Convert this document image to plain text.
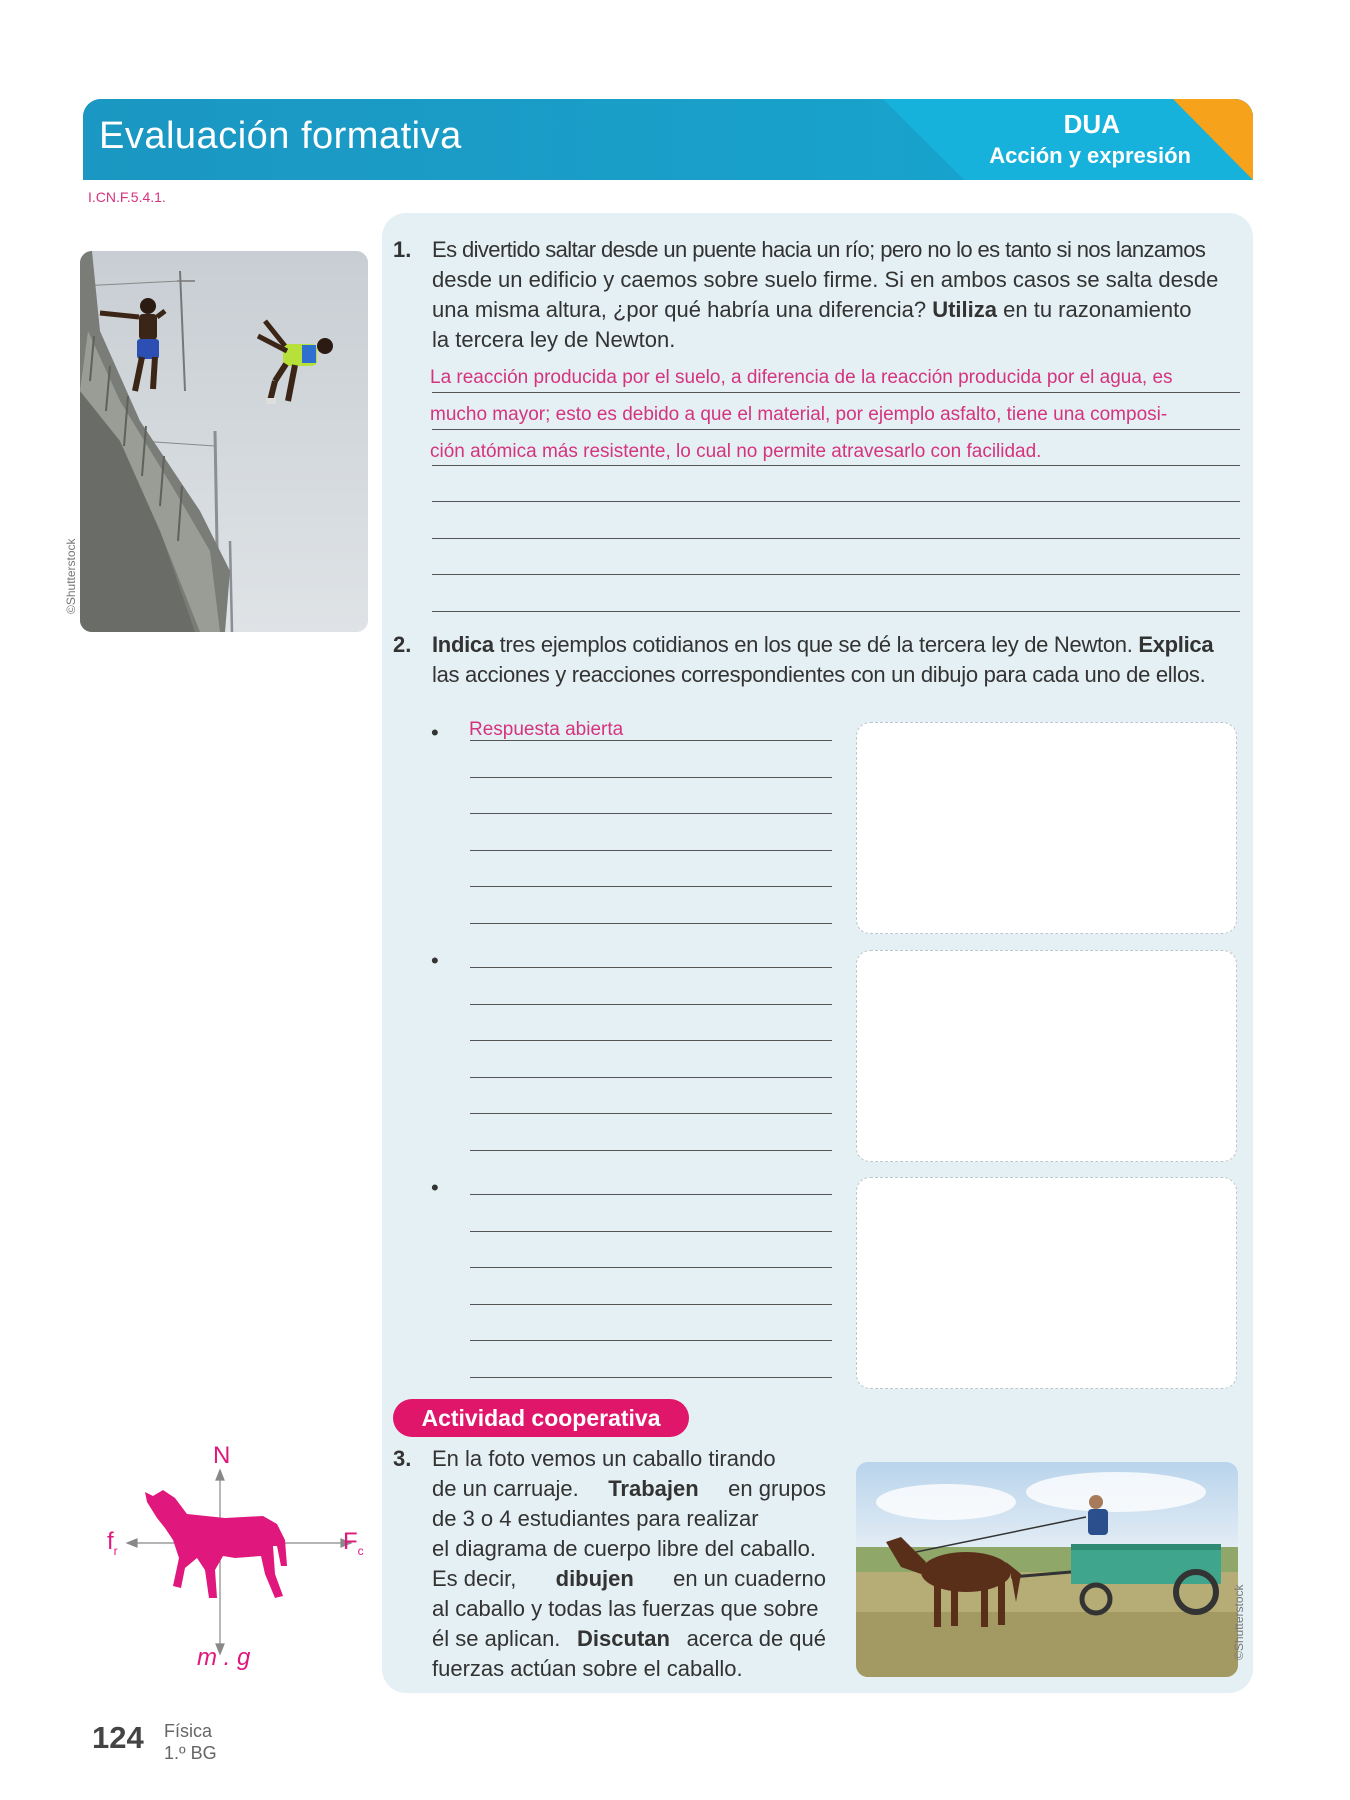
Evaluación formativa	DUA
Acción y expresión
I.CN.F.5.4.1.
©Shutterstock
1. Es divertido saltar desde un puente hacia un río; pero no lo es tanto si nos lanzamos
desde un edificio y caemos sobre suelo firme. Si en ambos casos se salta desde
una misma altura, ¿por qué habría una diferencia? Utiliza en tu razonamiento
la tercera ley de Newton.
La reacción producida por el suelo, a diferencia de la reacción producida por el agua, es
mucho mayor; esto es debido a que el material, por ejemplo asfalto, tiene una composi-
ción atómica más resistente, lo cual no permite atravesarlo con facilidad.
2. Indica tres ejemplos cotidianos en los que se dé la tercera ley de Newton. Explica
las acciones y reacciones correspondientes con un dibujo para cada uno de ellos.
• Respuesta abierta
•
•
Actividad cooperativa
3. En la foto vemos un caballo tirando
de un carruaje. Trabajen en grupos
de 3 o 4 estudiantes para realizar
el diagrama de cuerpo libre del caballo.
Es decir, dibujen en un cuaderno
al caballo y todas las fuerzas que sobre
él se aplican. Discutan acerca de qué
fuerzas actúan sobre el caballo.
©Shutterstock
N
$f_r$	$F_c$
m . g
124 Física
1.º BG
